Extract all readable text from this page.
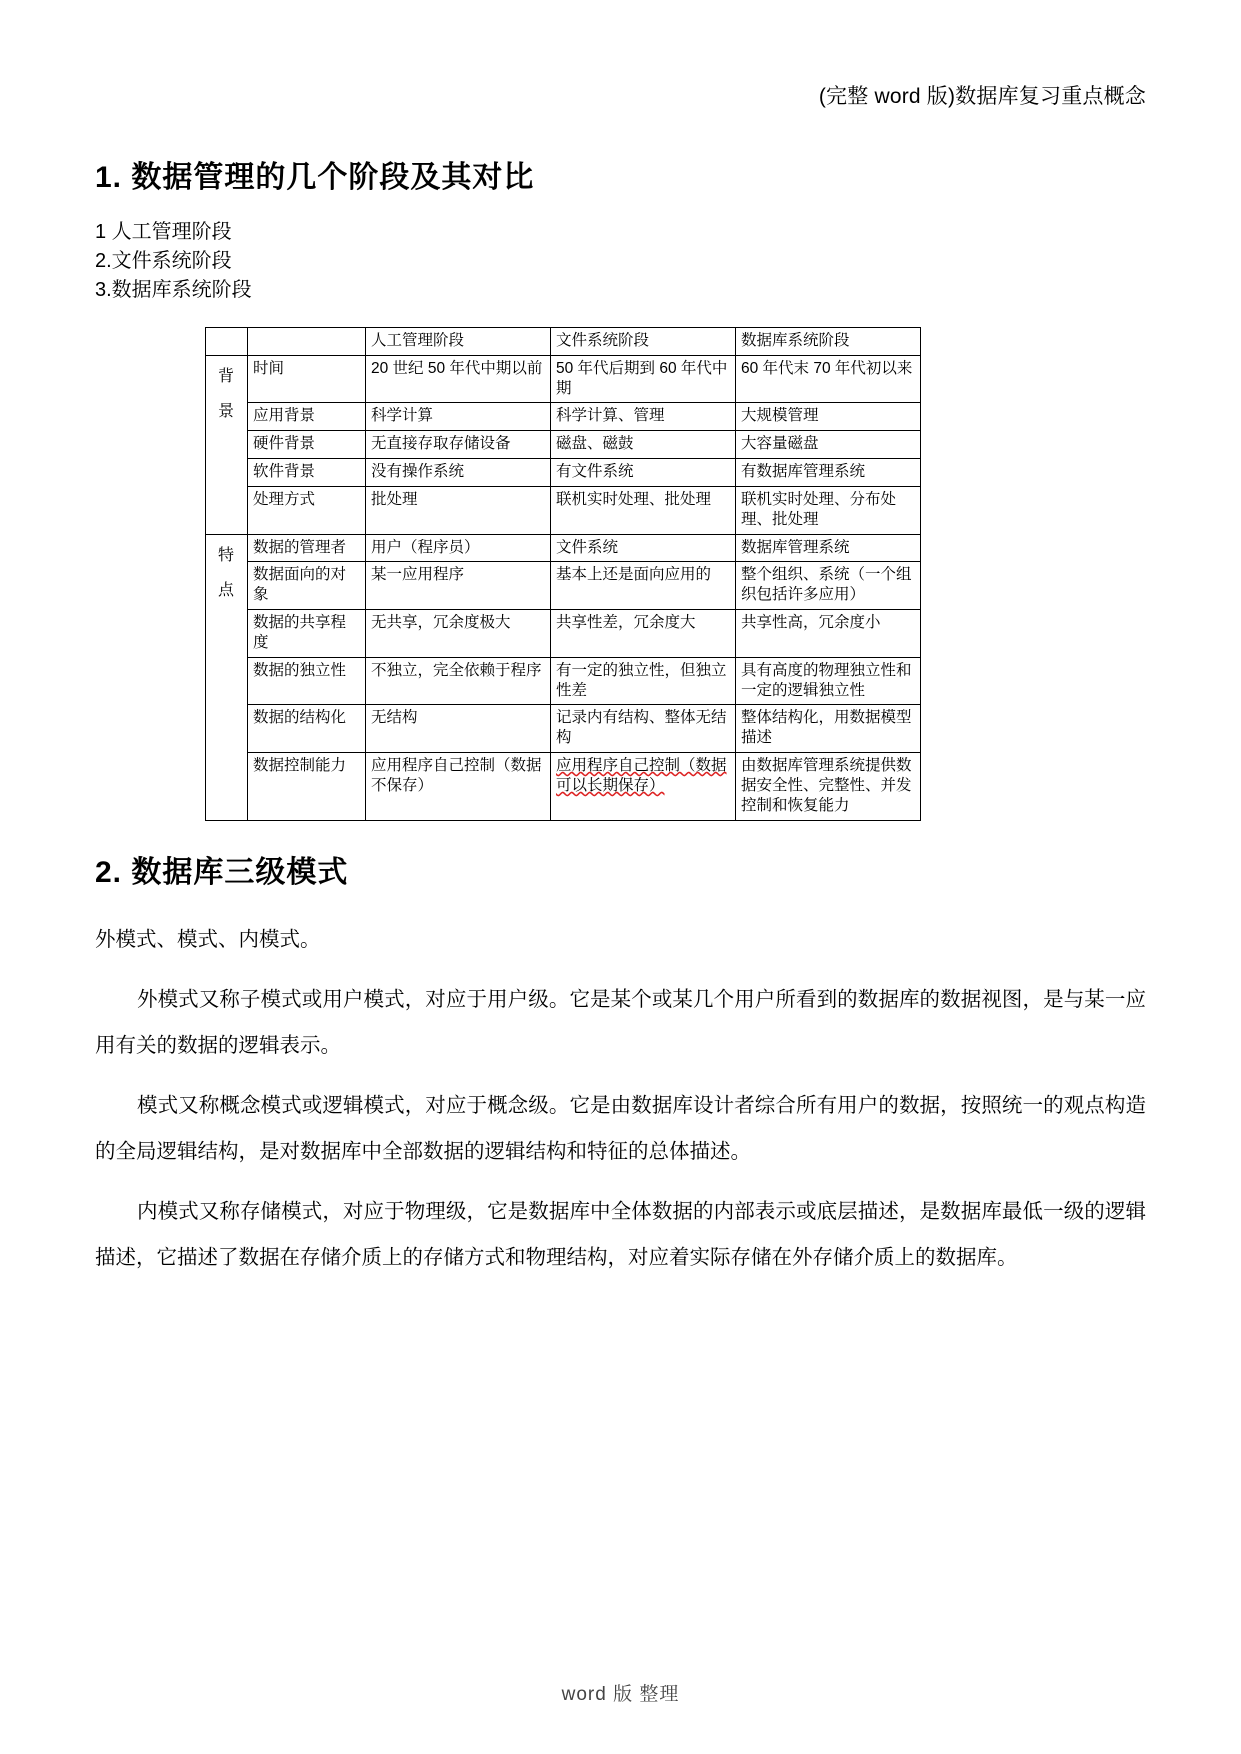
(完整 word 版)数据库复习重点概念
1. 数据管理的几个阶段及其对比

1 人工管理阶段

2.文件系统阶段

3.数据库系统阶段

		人工管理阶段	文件系统阶段	数据库系统阶段

背景	时间	20 世纪 50 年代中期以前	50 年代后期到 60 年代中期	60 年代末 70 年代初以来
	应用背景	科学计算	科学计算、管理	大规模管理
	硬件背景	无直接存取存储设备	磁盘、磁鼓	大容量磁盘
	软件背景	没有操作系统	有文件系统	有数据库管理系统
	处理方式	批处理	联机实时处理、批处理	联机实时处理、分布处理、批处理

特点	数据的管理者	用户（程序员）	文件系统	数据库管理系统
	数据面向的对象	某一应用程序	基本上还是面向应用的	整个组织、系统（一个组织包括许多应用）
	数据的共享程度	无共享，冗余度极大	共享性差，冗余度大	共享性高，冗余度小
	数据的独立性	不独立，完全依赖于程序	有一定的独立性，但独立性差	具有高度的物理独立性和一定的逻辑独立性
	数据的结构化	无结构	记录内有结构、整体无结构	整体结构化，用数据模型描述
	数据控制能力	应用程序自己控制（数据不保存）	应用程序自己控制（数据可以长期保存）	由数据库管理系统提供数据安全性、完整性、并发控制和恢复能力
2. 数据库三级模式

外模式、模式、内模式。

外模式又称子模式或用户模式，对应于用户级。它是某个或某几个用户所看到的数据库的数据视图，是与某一应用有关的数据的逻辑表示。

模式又称概念模式或逻辑模式，对应于概念级。它是由数据库设计者综合所有用户的数据，按照统一的观点构造的全局逻辑结构，是对数据库中全部数据的逻辑结构和特征的总体描述。

内模式又称存储模式，对应于物理级，它是数据库中全体数据的内部表示或底层描述，是数据库最低一级的逻辑描述，它描述了数据在存储介质上的存储方式和物理结构，对应着实际存储在外存储介质上的数据库。

word 版 整理
